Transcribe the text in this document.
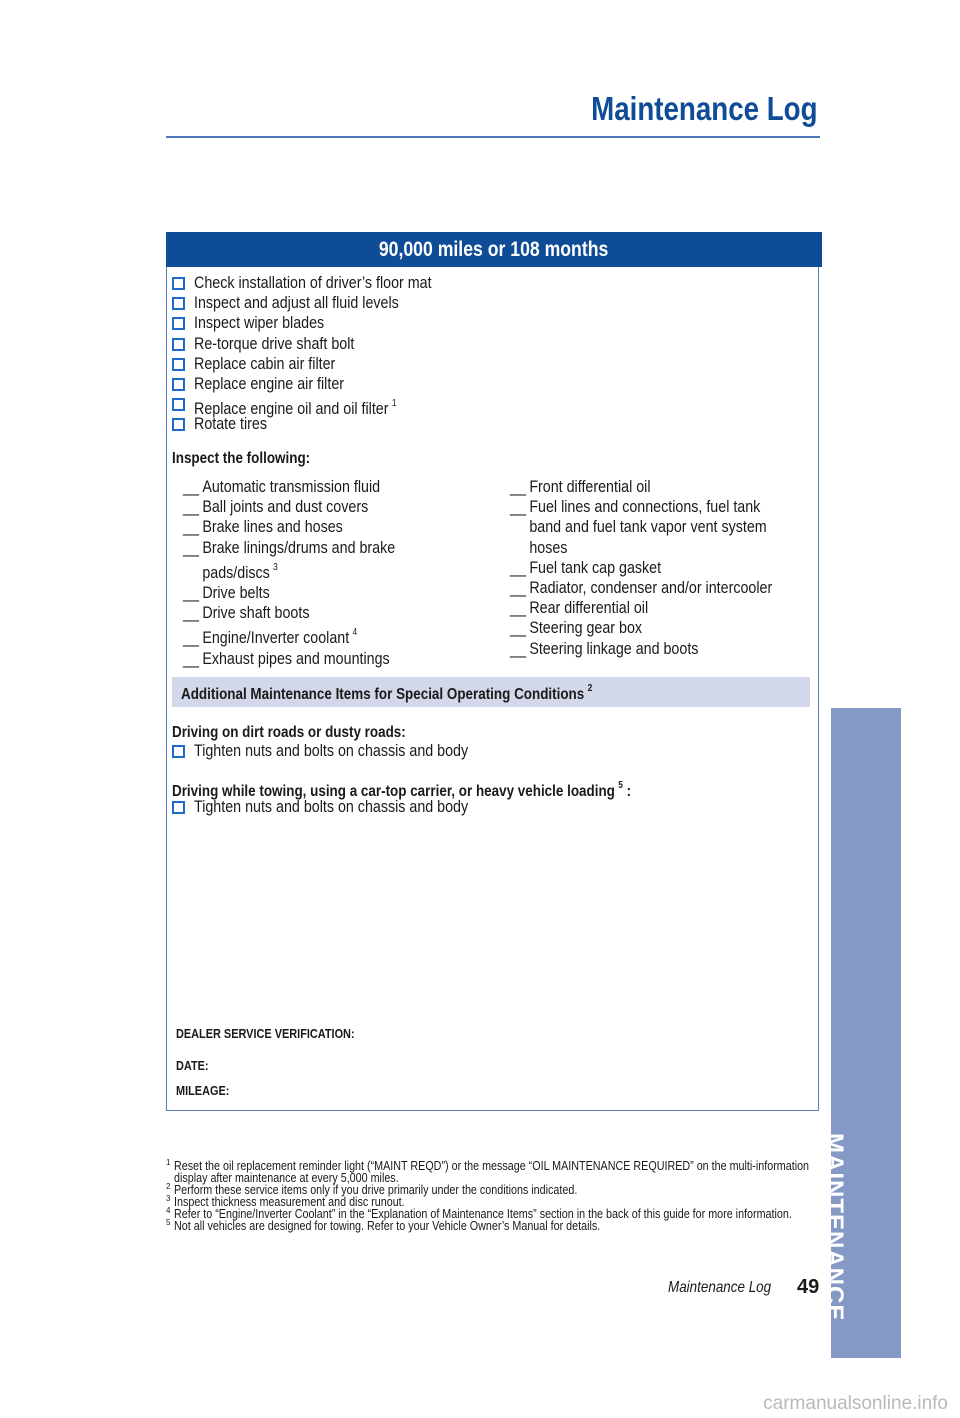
Maintenance Log
MAINTENANCE
90,000 miles or 108 months
Check installation of driver’s floor mat
Inspect and adjust all fluid levels
Inspect wiper blades
Re-torque drive shaft bolt
Replace cabin air filter
Replace engine air filter
Replace engine oil and oil filter $^1$
Rotate tires
Inspect the following:
__ Automatic transmission fluid
__ Ball joints and dust covers
__ Brake lines and hoses
__ Brake linings/drums and brake
pads/discs $^3$
__ Drive belts
__ Drive shaft boots
__ Engine/Inverter coolant $^4$
__ Exhaust pipes and mountings
__ Front differential oil
__ Fuel lines and connections, fuel tank
band and fuel tank vapor vent system
hoses
__ Fuel tank cap gasket
__ Radiator, condenser and/or intercooler
__ Rear differential oil
__ Steering gear box
__ Steering linkage and boots
Additional Maintenance Items for Special Operating Conditions $^2$
Driving on dirt roads or dusty roads:
Tighten nuts and bolts on chassis and body
Driving while towing, using a car-top carrier, or heavy vehicle loading $^5$ :
Tighten nuts and bolts on chassis and body
DEALER SERVICE VERIFICATION:
DATE:
MILEAGE:
1 Reset the oil replacement reminder light (“MAINT REQD”) or the message “OIL MAINTENANCE REQUIRED” on the multi-information display after maintenance at every 5,000 miles.
2 Perform these service items only if you drive primarily under the conditions indicated.
3 Inspect thickness measurement and disc runout.
4 Refer to “Engine/Inverter Coolant” in the “Explanation of Maintenance Items” section in the back of this guide for more information.
5 Not all vehicles are designed for towing. Refer to your Vehicle Owner’s Manual for details.
Maintenance Log	49
carmanualsonline.info
